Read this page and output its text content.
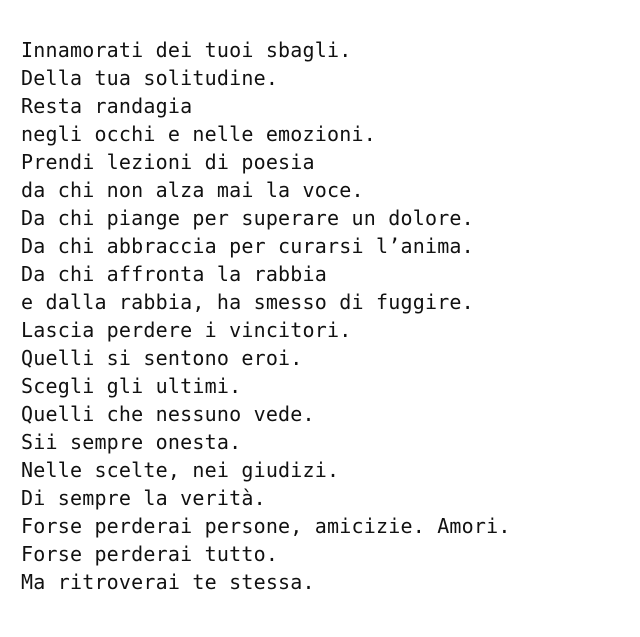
Innamorati dei tuoi sbagli.
Della tua solitudine.
Resta randagia
negli occhi e nelle emozioni.
Prendi lezioni di poesia
da chi non alza mai la voce.
Da chi piange per superare un dolore.
Da chi abbraccia per curarsi l’anima.
Da chi affronta la rabbia
e dalla rabbia, ha smesso di fuggire.
Lascia perdere i vincitori.
Quelli si sentono eroi.
Scegli gli ultimi.
Quelli che nessuno vede.
Sii sempre onesta.
Nelle scelte, nei giudizi.
Di sempre la verità.
Forse perderai persone, amicizie. Amori.
Forse perderai tutto.
Ma ritroverai te stessa.
